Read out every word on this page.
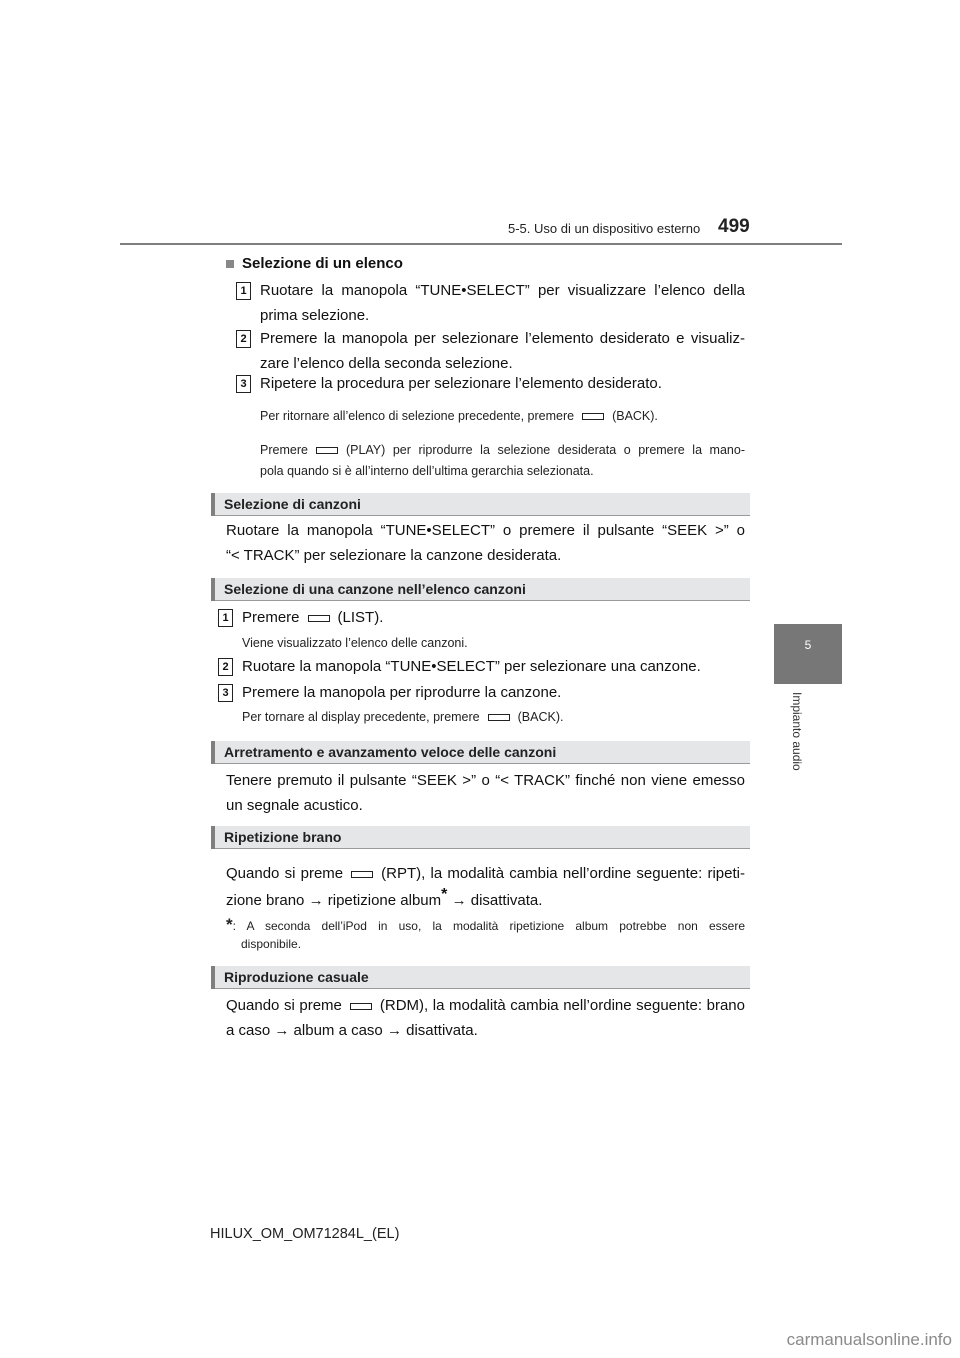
5-5. Uso di un dispositivo esterno 499
5
Impianto audio
Selezione di un elenco
1 Ruotare la manopola “TUNE•SELECT” per visualizzare l’elenco della
prima selezione.
2 Premere la manopola per selezionare l’elemento desiderato e visualiz-
zare l’elenco della seconda selezione.
3 Ripetere la procedura per selezionare l’elemento desiderato.
Per ritornare all’elenco di selezione precedente, premere	(BACK).
Premere	(PLAY) per riprodurre la selezione desiderata o premere la mano-
pola quando si è all’interno dell’ultima gerarchia selezionata.
Selezione di canzoni
Ruotare la manopola “TUNE•SELECT” o premere il pulsante “SEEK >” o
“< TRACK” per selezionare la canzone desiderata.
Selezione di una canzone nell’elenco canzoni
1 Premere	(LIST).
Viene visualizzato l’elenco delle canzoni.
2 Ruotare la manopola “TUNE•SELECT” per selezionare una canzone.
3 Premere la manopola per riprodurre la canzone.
Per tornare al display precedente, premere	(BACK).
Arretramento e avanzamento veloce delle canzoni
Tenere premuto il pulsante “SEEK >” o “< TRACK” finché non viene emesso
un segnale acustico.
Ripetizione brano
Quando si preme	(RPT), la modalità cambia nell’ordine seguente: ripeti-
zione brano → ripetizione album* → disattivata.
*: A seconda dell’iPod in uso, la modalità ripetizione album potrebbe non essere
disponibile.
Riproduzione casuale
Quando si preme	(RDM), la modalità cambia nell’ordine seguente: brano
a caso → album a caso → disattivata.
HILUX_OM_OM71284L_(EL)
carmanualsonline.info
